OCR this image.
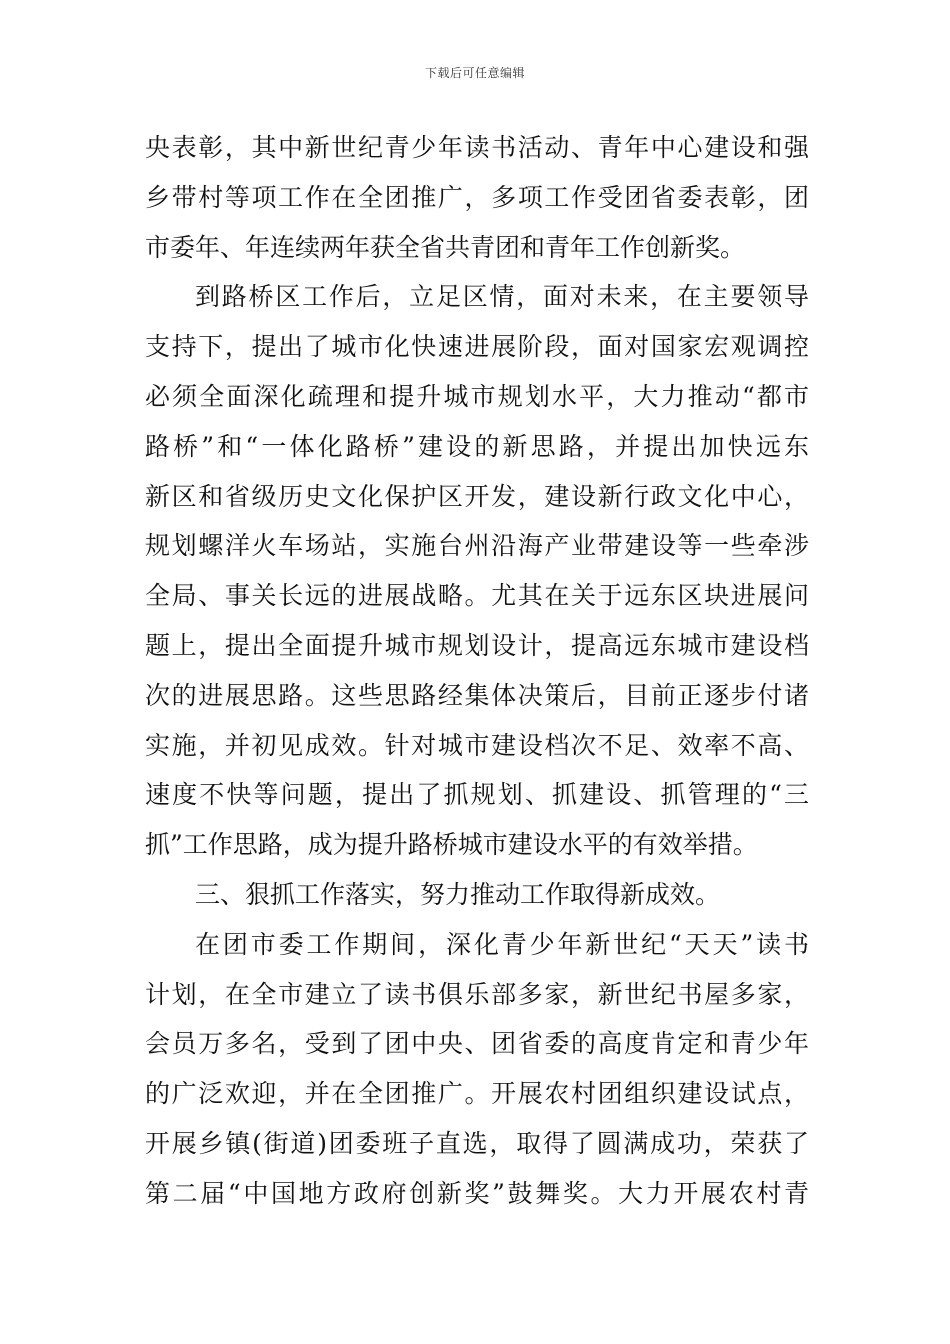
下载后可任意编辑
央表彰，其中新世纪青少年读书活动、青年中心建设和强
乡带村等项工作在全团推广，多项工作受团省委表彰，团
市委年、年连续两年获全省共青团和青年工作创新奖。
到路桥区工作后，立足区情，面对未来，在主要领导
支持下，提出了城市化快速进展阶段，面对国家宏观调控
必须全面深化疏理和提升城市规划水平，大力推动“都市
路桥”和“一体化路桥”建设的新思路，并提出加快远东
新区和省级历史文化保护区开发，建设新行政文化中心，
规划螺洋火车场站，实施台州沿海产业带建设等一些牵涉
全局、事关长远的进展战略。尤其在关于远东区块进展问
题上，提出全面提升城市规划设计，提高远东城市建设档
次的进展思路。这些思路经集体决策后，目前正逐步付诸
实施，并初见成效。针对城市建设档次不足、效率不高、
速度不快等问题，提出了抓规划、抓建设、抓管理的“三
抓”工作思路，成为提升路桥城市建设水平的有效举措。
三、狠抓工作落实，努力推动工作取得新成效。
在团市委工作期间，深化青少年新世纪“天天”读书
计划，在全市建立了读书俱乐部多家，新世纪书屋多家，
会员万多名，受到了团中央、团省委的高度肯定和青少年
的广泛欢迎，并在全团推广。开展农村团组织建设试点，
开展乡镇(街道)团委班子直选，取得了圆满成功，荣获了
第二届“中国地方政府创新奖”鼓舞奖。大力开展农村青
